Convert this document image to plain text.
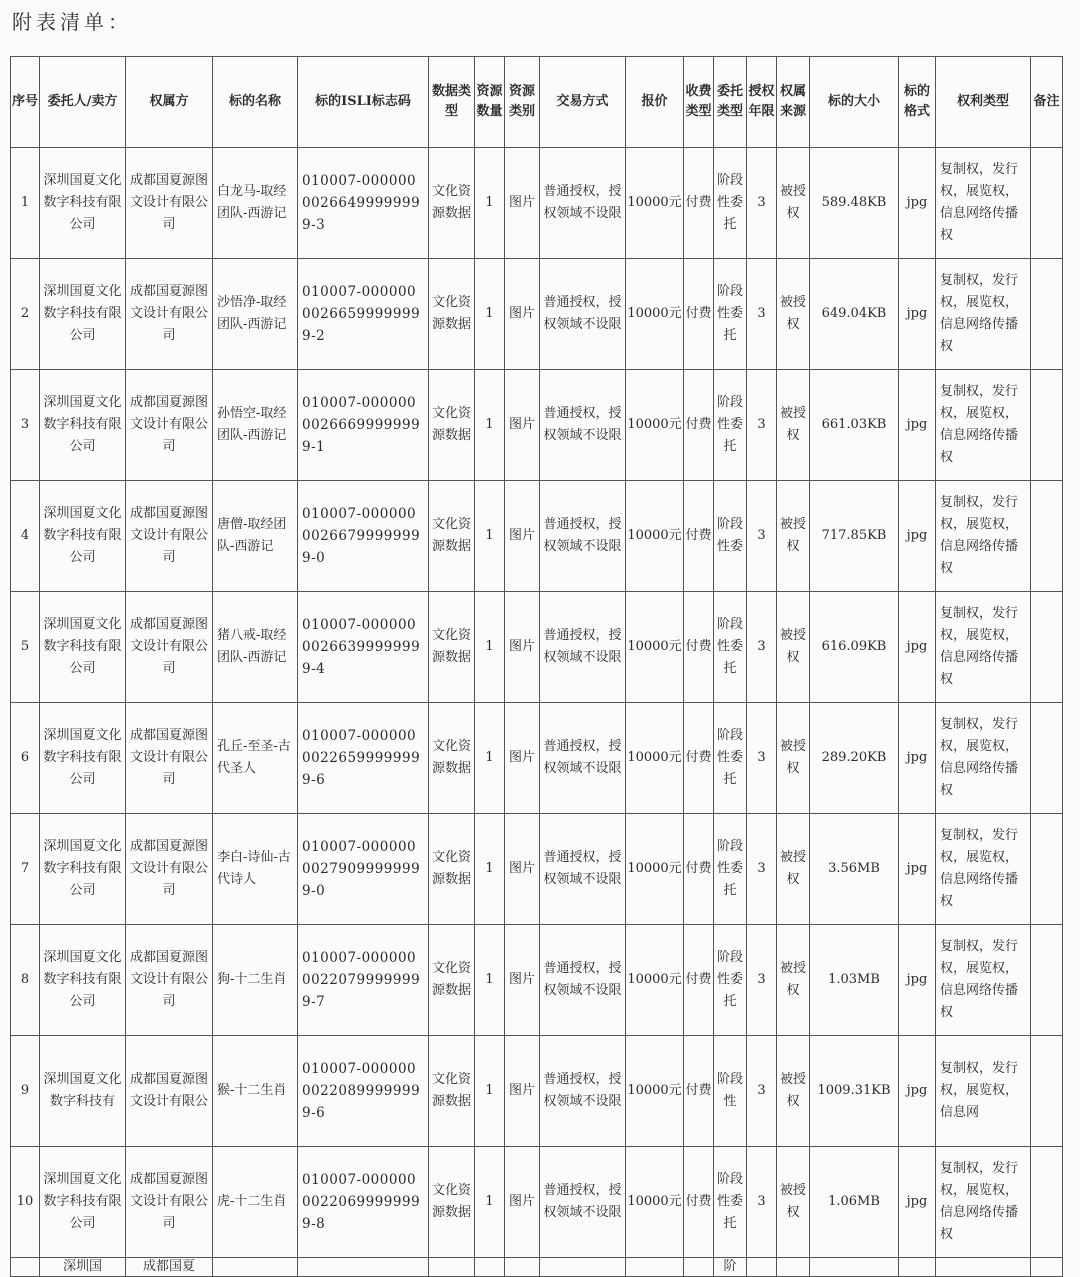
附表清单：
序号	委托人/卖方	权属方	标的名称	标的ISLI标志码	数据类型	资源数量	资源类别	交易方式	报价	收费类型	委托类型	授权年限	权属来源	标的大小	标的格式	权利类型	备注

1	深圳国夏文化数字科技有限公司	成都国夏源图文设计有限公司	白龙马-取经团队-西游记	010007-00000000266499999999-3	文化资源数据	1	图片	普通授权，授权领域不设限	10000元	付费	阶段性委托	3	被授权	589.48KB	jpg	复制权，发行权，展览权，信息网络传播权	

2	深圳国夏文化数字科技有限公司	成都国夏源图文设计有限公司	沙悟净-取经团队-西游记	010007-00000000266599999999-2	文化资源数据	1	图片	普通授权，授权领域不设限	10000元	付费	阶段性委托	3	被授权	649.04KB	jpg	复制权，发行权，展览权，信息网络传播权	

3	深圳国夏文化数字科技有限公司	成都国夏源图文设计有限公司	孙悟空-取经团队-西游记	010007-00000000266699999999-1	文化资源数据	1	图片	普通授权，授权领域不设限	10000元	付费	阶段性委托	3	被授权	661.03KB	jpg	复制权，发行权，展览权，信息网络传播权	

4	深圳国夏文化数字科技有限公司	成都国夏源图文设计有限公司	唐僧-取经团队-西游记	010007-00000000266799999999-0	文化资源数据	1	图片	普通授权，授权领域不设限	10000元	付费	阶段性委	3	被授权	717.85KB	jpg	复制权，发行权，展览权，信息网络传播权	

5	深圳国夏文化数字科技有限公司	成都国夏源图文设计有限公司	猪八戒-取经团队-西游记	010007-00000000266399999999-4	文化资源数据	1	图片	普通授权，授权领域不设限	10000元	付费	阶段性委托	3	被授权	616.09KB	jpg	复制权，发行权，展览权，信息网络传播权	

6	深圳国夏文化数字科技有限公司	成都国夏源图文设计有限公司	孔丘-至圣-古代圣人	010007-00000000226599999999-6	文化资源数据	1	图片	普通授权，授权领域不设限	10000元	付费	阶段性委托	3	被授权	289.20KB	jpg	复制权，发行权，展览权，信息网络传播权	

7	深圳国夏文化数字科技有限公司	成都国夏源图文设计有限公司	李白-诗仙-古代诗人	010007-00000000279099999999-0	文化资源数据	1	图片	普通授权，授权领域不设限	10000元	付费	阶段性委托	3	被授权	3.56MB	jpg	复制权，发行权，展览权，信息网络传播权	

8	深圳国夏文化数字科技有限公司	成都国夏源图文设计有限公司	狗-十二生肖	010007-00000000220799999999-7	文化资源数据	1	图片	普通授权，授权领域不设限	10000元	付费	阶段性委托	3	被授权	1.03MB	jpg	复制权，发行权，展览权，信息网络传播权	

9	深圳国夏文化数字科技有	成都国夏源图文设计有限公	猴-十二生肖	010007-00000000220899999999-6	文化资源数据	1	图片	普通授权，授权领域不设限	10000元	付费	阶段性	3	被授权	1009.31KB	jpg	复制权，发行权，展览权，信息网	

10	深圳国夏文化数字科技有限公司	成都国夏源图文设计有限公司	虎-十二生肖	010007-00000000220699999999-8	文化资源数据	1	图片	普通授权，授权领域不设限	10000元	付费	阶段性委托	3	被授权	1.06MB	jpg	复制权，发行权，展览权，信息网络传播权	

	深圳国	成都国夏									阶						
